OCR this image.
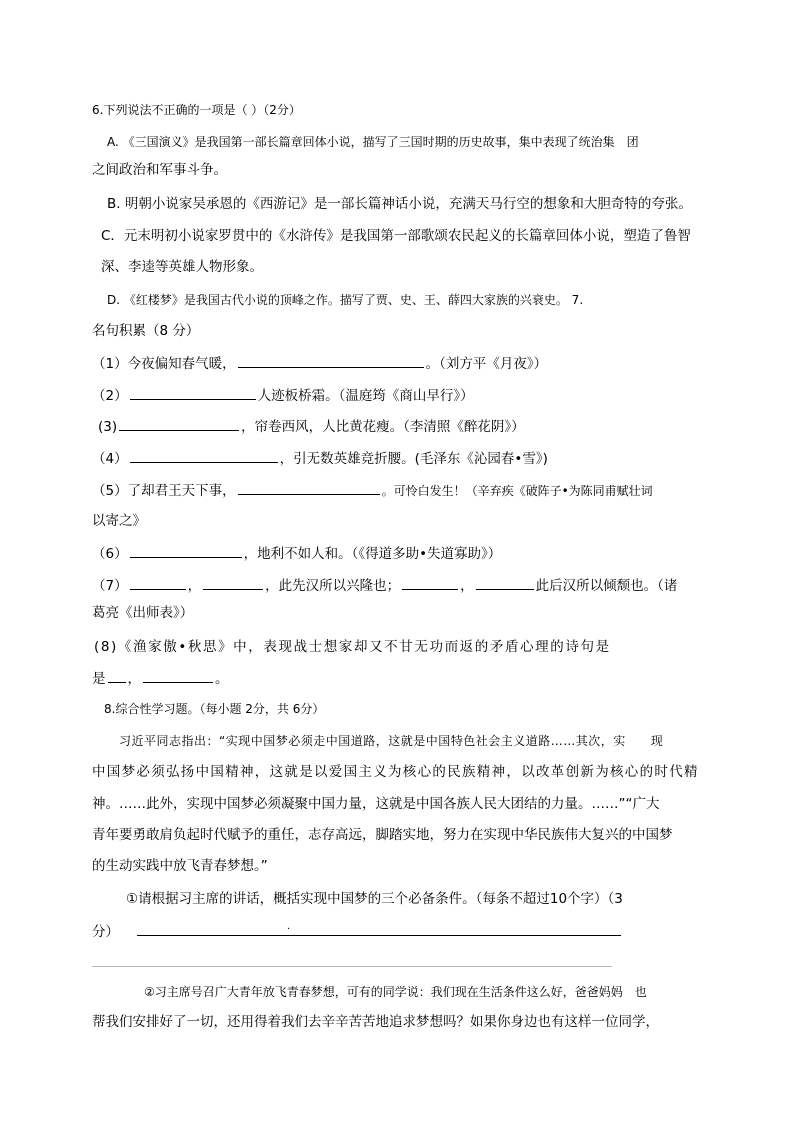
6.下列说法不正确的一项是（ ）（2分）
A. 《三国演义》是我国第一部长篇章回体小说，描写了三国时期的历史故事，集中表现了统治集　团
之间政治和军事斗争。
B. 明朝小说家吴承恩的《西游记》是一部长篇神话小说，充满天马行空的想象和大胆奇特的夸张。
C．元末明初小说家罗贯中的《水浒传》是我国第一部歌颂农民起义的长篇章回体小说，塑造了鲁智
深、李逵等英雄人物形象。
D. 《红楼梦》是我国古代小说的顶峰之作。描写了贾、史、王、薛四大家族的兴衰史。 7.
名句积累（8 分）
（1）今夜偏知春气暖，	。（刘方平《月夜》）
（2）	人迹板桥霜。（温庭筠《商山早行》）
(3)	，帘卷西风，人比黄花瘦。（李清照《醉花阴》）
（4）	，引无数英雄竞折腰。(毛泽东《沁园春•雪》)
（5）了却君王天下事，	。可怜白发生！（辛弃疾《破阵子•为陈同甫赋壮词
以寄之》
（6）	，地利不如人和。（《得道多助•失道寡助》）
（7）	，	，此先汉所以兴隆也；	，	此后汉所以倾颓也。（诸
葛亮《出师表》）
(8)《渔家傲•秋思》中，表现战士想家却又不甘无功而返的矛盾心理的诗句是
是 ，	。
8.综合性学习题。（每小题 2分，共 6分）
习近平同志指出：“实现中国梦必须走中国道路，这就是中国特色社会主义道路……其次，实　　现
中国梦必须弘扬中国精神，这就是以爱国主义为核心的民族精神，以改革创新为核心的时代精
神。……此外，实现中国梦必须凝聚中国力量，这就是中国各族人民大团结的力量。……”“广大
青年要勇敢肩负起时代赋予的重任，志存高远，脚踏实地，努力在实现中华民族伟大复兴的中国梦
的生动实践中放飞青春梦想。”
①请根据习主席的讲话，概括实现中国梦的三个必备条件。（每条不超过10个字）（3
分）	.
②习主席号召广大青年放飞青春梦想，可有的同学说：我们现在生活条件这么好，爸爸妈妈　也
帮我们安排好了一切，还用得着我们去辛辛苦苦地追求梦想吗？如果你身边也有这样一位同学，
